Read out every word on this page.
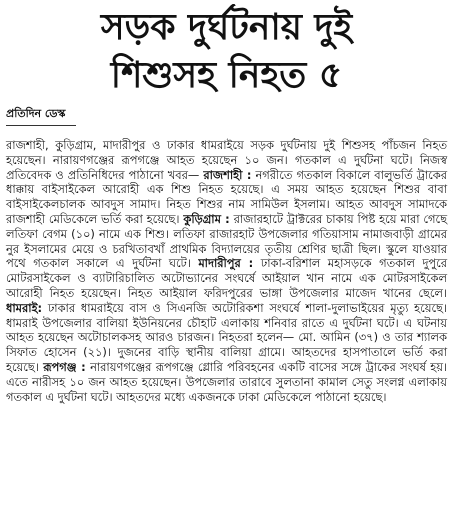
সড়ক দুর্ঘটনায় দুই
শিশুসহ নিহত ৫
প্রতিদিন ডেস্ক

রাজশাহী, কুড়িগ্রাম, মাদারীপুর ও ঢাকার ধামরাইয়ে সড়ক দুর্ঘটনায় দুই শিশুসহ পাঁচজন নিহত হয়েছেন। নারায়ণগঞ্জের রূপগঞ্জে আহত হয়েছেন ১০ জন। গতকাল এ দুর্ঘটনা ঘটে। নিজস্ব প্রতিবেদক ও প্রতিনিধিদের পাঠানো খবর— রাজশাহী : নগরীতে গতকাল বিকালে বালুভর্তি ট্রাকের ধাক্কায় বাইসাইকেল আরোহী এক শিশু নিহত হয়েছে। এ সময় আহত হয়েছেন শিশুর বাবা বাইসাইকেলচালক আবদুস সামাদ। নিহত শিশুর নাম সামিউল ইসলাম। আহত আবদুস সামাদকে রাজশাহী মেডিকেলে ভর্তি করা হয়েছে। কুড়িগ্রাম : রাজারহাটে ট্রাক্টরের চাকায় পিষ্ট হয়ে মারা গেছে লতিফা বেগম (১০) নামে এক শিশু। লতিফা রাজারহাট উপজেলার গতিয়াসাম নামাজবাড়ী গ্রামের নুর ইসলামের মেয়ে ও চরখিতাবখাঁ প্রাথমিক বিদ্যালয়ের তৃতীয় শ্রেণির ছাত্রী ছিল। স্কুলে যাওয়ার পথে গতকাল সকালে এ দুর্ঘটনা ঘটে। মাদারীপুর : ঢাকা-বরিশাল মহাসড়কে গতকাল দুপুরে মোটরসাইকেল ও ব্যাটারিচালিত অটোভ্যানের সংঘর্ষে আইয়াল খান নামে এক মোটরসাইকেল আরোহী নিহত হয়েছেন। নিহত আইয়াল ফরিদপুরের ভাঙ্গা উপজেলার মাজেদ খানের ছেলে। ধামরাই: ঢাকার ধামরাইয়ে বাস ও সিএনজি অটোরিকশা সংঘর্ষে শালা-দুলাভাইয়ের মৃত্যু হয়েছে। ধামরাই উপজেলার বালিয়া ইউনিয়নের চৌহাট এলাকায় শনিবার রাতে এ দুর্ঘটনা ঘটে। এ ঘটনায় আহত হয়েছেন অটোচালকসহ আরও চারজন। নিহতরা হলেন— মো. আমিন (৩৭) ও তার শ্যালক সিফাত হোসেন (২১)। দুজনের বাড়ি স্থানীয় বালিয়া গ্রামে। আহতদের হাসপাতালে ভর্তি করা হয়েছে। রূপগঞ্জ : নারায়ণগঞ্জের রূপগঞ্জে গ্লোরি পরিবহনের একটি বাসের সঙ্গে ট্রাকের সংঘর্ষ হয়। এতে নারীসহ ১০ জন আহত হয়েছেন। উপজেলার তারাবে সুলতানা কামাল সেতু সংলগ্ন এলাকায় গতকাল এ দুর্ঘটনা ঘটে। আহতদের মধ্যে একজনকে ঢাকা মেডিকেলে পাঠানো হয়েছে।
